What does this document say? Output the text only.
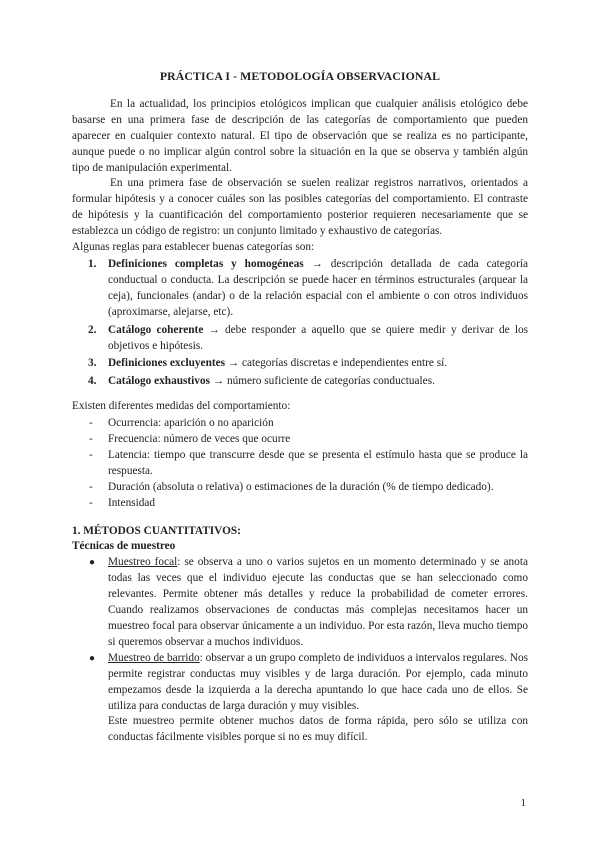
PRÁCTICA I - METODOLOGÍA OBSERVACIONAL

En la actualidad, los principios etológicos implican que cualquier análisis etológico debe basarse en una primera fase de descripción de las categorías de comportamiento que pueden aparecer en cualquier contexto natural. El tipo de observación que se realiza es no participante, aunque puede o no implicar algún control sobre la situación en la que se observa y también algún tipo de manipulación experimental.

En una primera fase de observación se suelen realizar registros narrativos, orientados a formular hipótesis y a conocer cuáles son las posibles categorías del comportamiento. El contraste de hipótesis y la cuantificación del comportamiento posterior requieren necesariamente que se establezca un código de registro: un conjunto limitado y exhaustivo de categorías.

Algunas reglas para establecer buenas categorías son:

1. Definiciones completas y homogéneas → descripción detallada de cada categoría conductual o conducta. La descripción se puede hacer en términos estructurales (arquear la ceja), funcionales (andar) o de la relación espacial con el ambiente o con otros individuos (aproximarse, alejarse, etc).
2. Catálogo coherente → debe responder a aquello que se quiere medir y derivar de los objetivos e hipótesis.
3. Definiciones excluyentes → categorías discretas e independientes entre sí.
4. Catálogo exhaustivos → número suficiente de categorías conductuales.

Existen diferentes medidas del comportamiento:

- Ocurrencia: aparición o no aparición
- Frecuencia: número de veces que ocurre
- Latencia: tiempo que transcurre desde que se presenta el estímulo hasta que se produce la respuesta.
- Duración (absoluta o relativa) o estimaciones de la duración (% de tiempo dedicado).
- Intensidad
1. MÉTODOS CUANTITATIVOS:
Técnicas de muestreo
● Muestreo focal: se observa a uno o varios sujetos en un momento determinado y se anota todas las veces que el individuo ejecute las conductas que se han seleccionado como relevantes. Permite obtener más detalles y reduce la probabilidad de cometer errores. Cuando realizamos observaciones de conductas más complejas necesitamos hacer un muestreo focal para observar únicamente a un individuo. Por esta razón, lleva mucho tiempo si queremos observar a muchos individuos.
● Muestreo de barrido: observar a un grupo completo de individuos a intervalos regulares. Nos permite registrar conductas muy visibles y de larga duración. Por ejemplo, cada minuto empezamos desde la izquierda a la derecha apuntando lo que hace cada uno de ellos. Se utiliza para conductas de larga duración y muy visibles.
Este muestreo permite obtener muchos datos de forma rápida, pero sólo se utiliza con conductas fácilmente visibles porque si no es muy difícil.
1
